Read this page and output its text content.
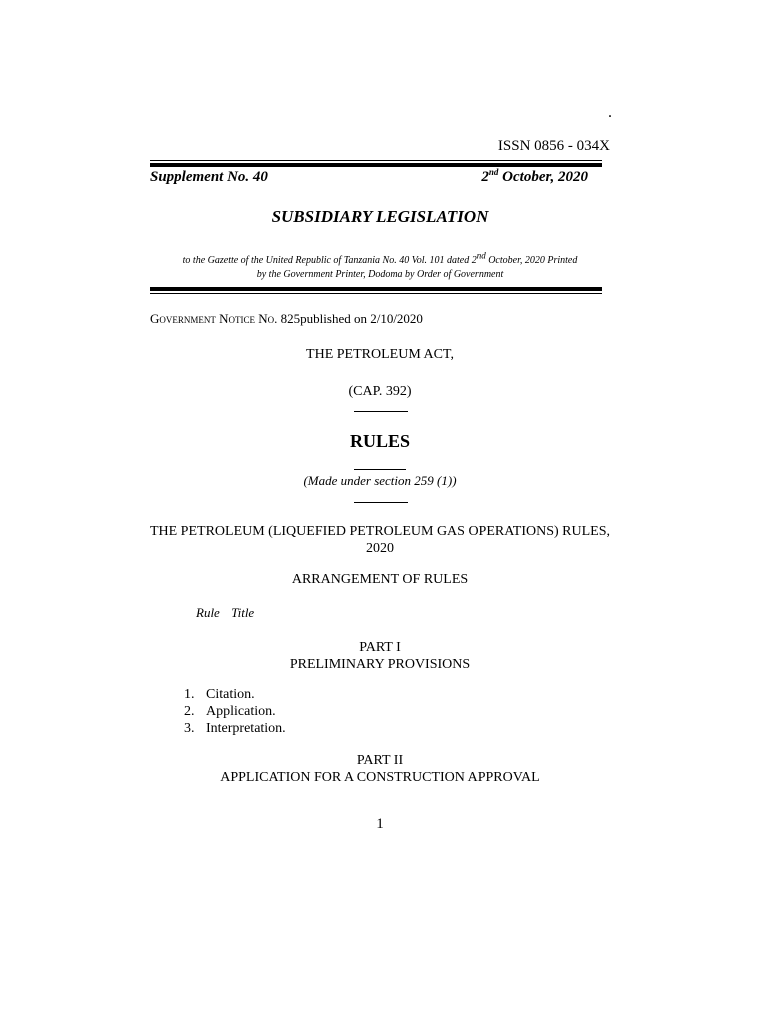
.
ISSN 0856 - 034X
Supplement No. 40	2nd October, 2020
SUBSIDIARY LEGISLATION
to the Gazette of the United Republic of Tanzania No. 40 Vol. 101 dated 2nd October, 2020 Printed
by the Government Printer, Dodoma by Order of Government
Government Notice No. 825published on 2/10/2020
THE PETROLEUM ACT,
(CAP. 392)
RULES
(Made under section 259 (1))
THE PETROLEUM (LIQUEFIED PETROLEUM GAS OPERATIONS) RULES,
2020
ARRANGEMENT OF RULES
Rule Title
PART I
PRELIMINARY PROVISIONS
1. Citation.
2. Application.
3. Interpretation.
PART II
APPLICATION FOR A CONSTRUCTION APPROVAL
1
